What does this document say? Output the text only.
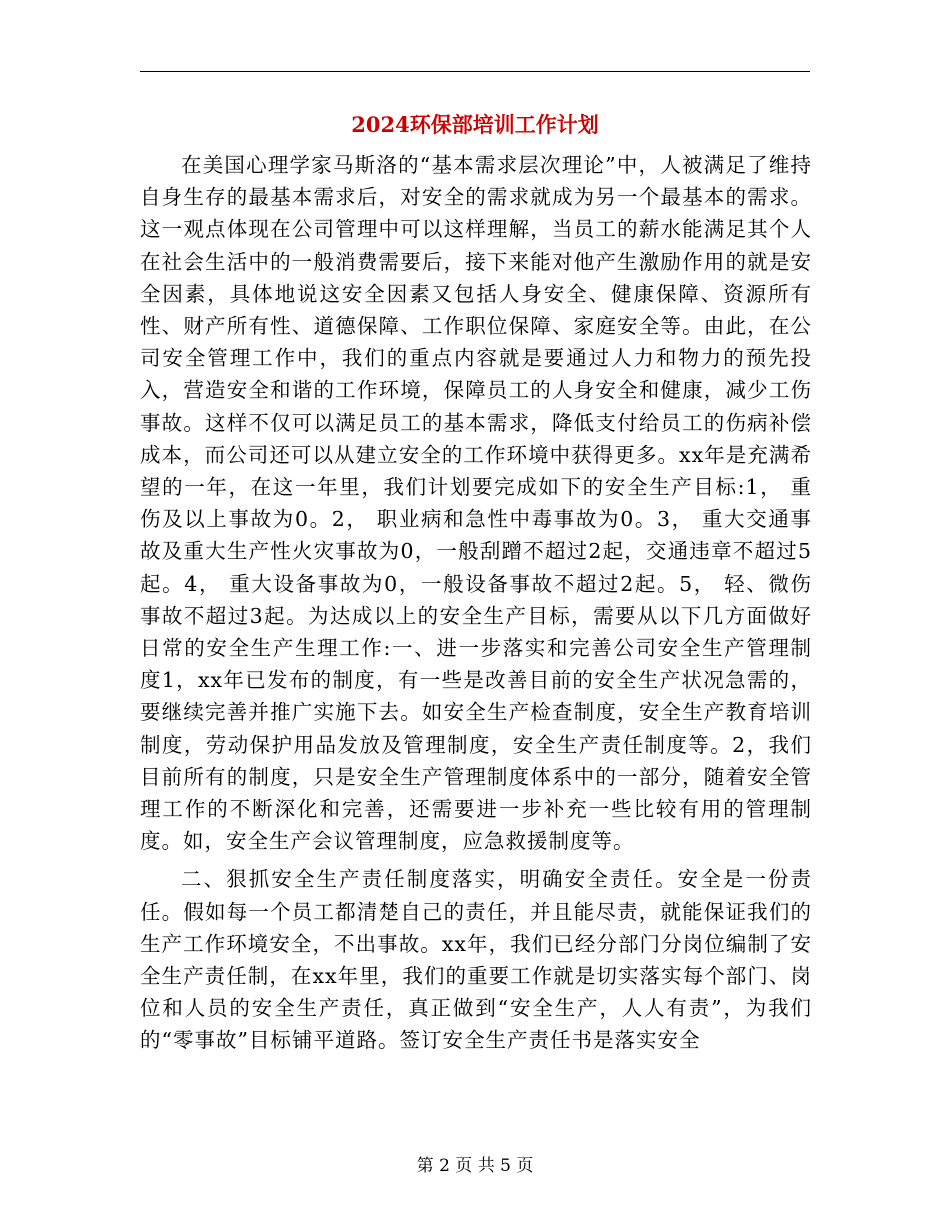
2024环保部培训工作计划

在美国心理学家马斯洛的“基本需求层次理论”中，人被满足了维持自身生存的最基本需求后，对安全的需求就成为另一个最基本的需求。这一观点体现在公司管理中可以这样理解，当员工的薪水能满足其个人在社会生活中的一般消费需要后，接下来能对他产生激励作用的就是安全因素，具体地说这安全因素又包括人身安全、健康保障、资源所有性、财产所有性、道德保障、工作职位保障、家庭安全等。由此，在公司安全管理工作中，我们的重点内容就是要通过人力和物力的预先投入，营造安全和谐的工作环境，保障员工的人身安全和健康，减少工伤事故。这样不仅可以满足员工的基本需求，降低支付给员工的伤病补偿成本，而公司还可以从建立安全的工作环境中获得更多。xx年是充满希望的一年，在这一年里，我们计划要完成如下的安全生产目标:1， 重伤及以上事故为0。2， 职业病和急性中毒事故为0。3， 重大交通事故及重大生产性火灾事故为0，一般刮蹭不超过2起，交通违章不超过5起。4， 重大设备事故为0，一般设备事故不超过2起。5， 轻、微伤事故不超过3起。为达成以上的安全生产目标，需要从以下几方面做好日常的安全生产生理工作:一、进一步落实和完善公司安全生产管理制度1，xx年已发布的制度，有一些是改善目前的安全生产状况急需的，要继续完善并推广实施下去。如安全生产检查制度，安全生产教育培训制度，劳动保护用品发放及管理制度，安全生产责任制度等。2，我们目前所有的制度，只是安全生产管理制度体系中的一部分，随着安全管理工作的不断深化和完善，还需要进一步补充一些比较有用的管理制度。如，安全生产会议管理制度，应急救援制度等。

二、狠抓安全生产责任制度落实，明确安全责任。安全是一份责任。假如每一个员工都清楚自己的责任，并且能尽责，就能保证我们的生产工作环境安全，不出事故。xx年，我们已经分部门分岗位编制了安全生产责任制，在xx年里，我们的重要工作就是切实落实每个部门、岗位和人员的安全生产责任，真正做到“安全生产，人人有责”，为我们的“零事故”目标铺平道路。签订安全生产责任书是落实安全

第 2 页 共 5 页
